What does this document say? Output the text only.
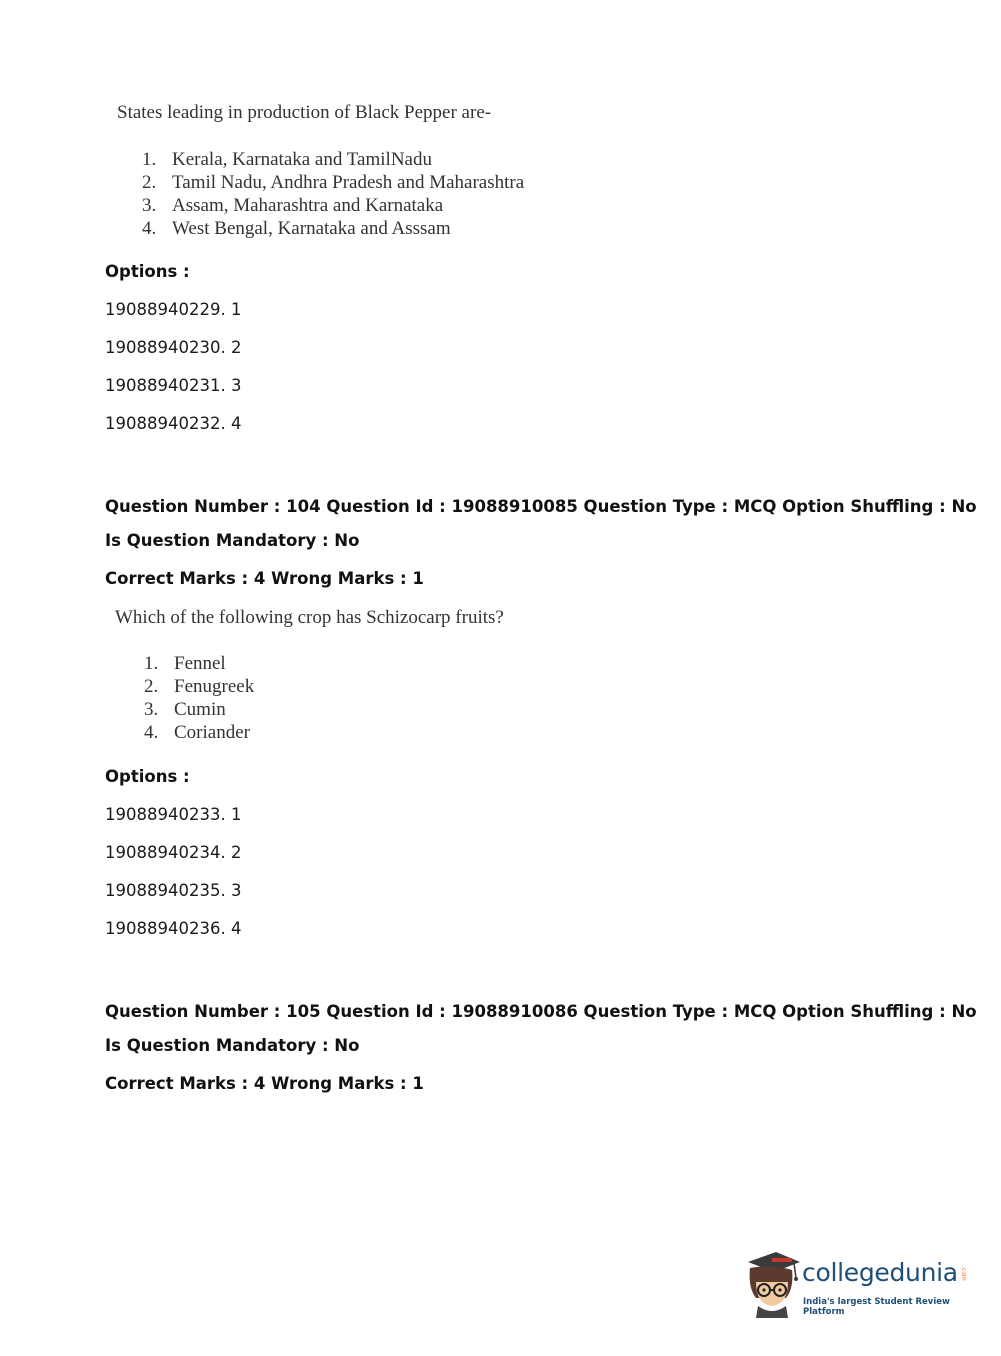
States leading in production of Black Pepper are-
1. Kerala, Karnataka and TamilNadu
2. Tamil Nadu, Andhra Pradesh and Maharashtra
3. Assam, Maharashtra and Karnataka
4. West Bengal, Karnataka and Asssam
Options :
19088940229. 1
19088940230. 2
19088940231. 3
19088940232. 4
Question Number : 104 Question Id : 19088910085 Question Type : MCQ Option Shuffling : No
Is Question Mandatory : No
Correct Marks : 4 Wrong Marks : 1
Which of the following crop has Schizocarp fruits?
1. Fennel
2. Fenugreek
3. Cumin
4. Coriander
Options :
19088940233. 1
19088940234. 2
19088940235. 3
19088940236. 4
Question Number : 105 Question Id : 19088910086 Question Type : MCQ Option Shuffling : No
Is Question Mandatory : No
Correct Marks : 4 Wrong Marks : 1
collegedunia .com
India's largest Student Review Platform
